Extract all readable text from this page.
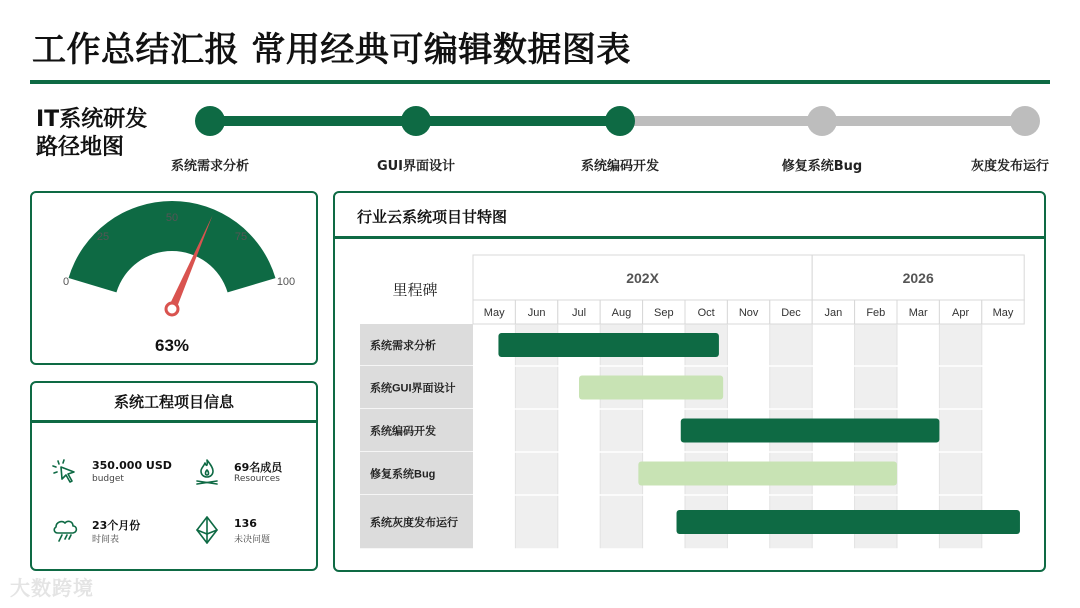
工作总结汇报 常用经典可编辑数据图表
IT系统研发路径地图
系统需求分析	GUI界面设计	系统编码开发	修复系统Bug	灰度发布运行
0
25
50
75
100
63%
系统工程项目信息
350.000 USD
budget
69名成员
Resources
23个月份
时间表
136
未决问题
行业云系统项目甘特图
202X	2026
里程碑
May Jun Jul Aug Sep Oct Nov Dec Jan Feb Mar Apr May
系统需求分析
系统GUI界面设计
系统编码开发
修复系统Bug
系统灰度发布运行
大数跨境
